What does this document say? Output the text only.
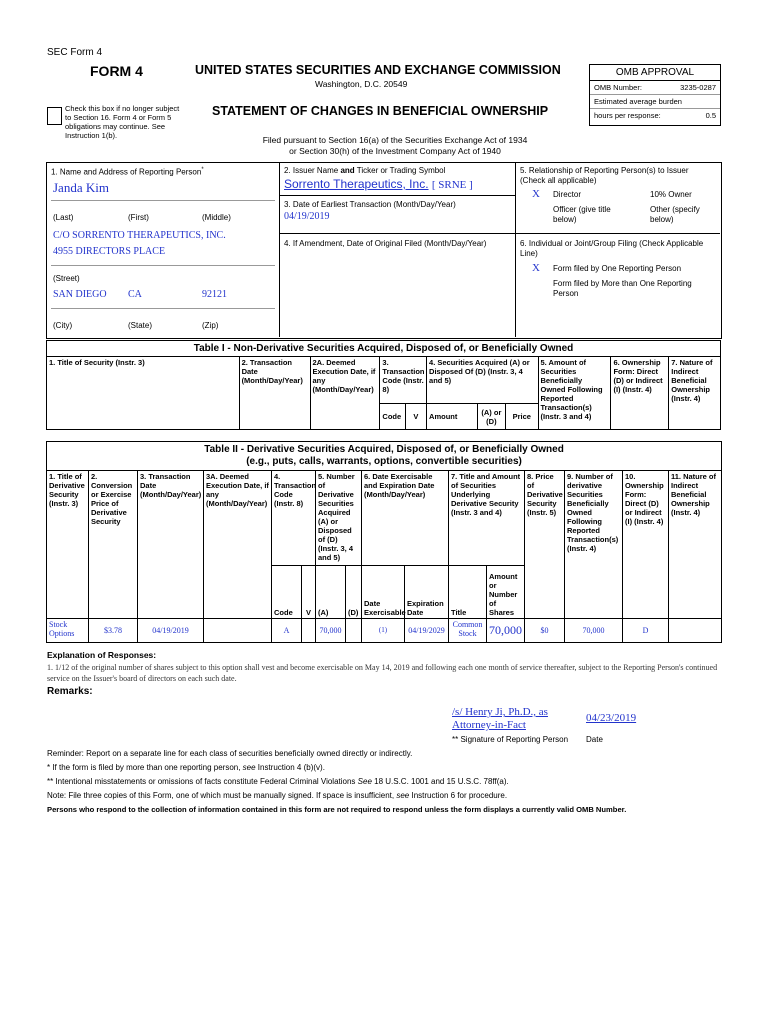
SEC Form 4
FORM 4	UNITED STATES SECURITIES AND EXCHANGE COMMISSION
Washington, D.C. 20549
Check this box if no longer subject to Section 16. Form 4 or Form 5 obligations may continue. See Instruction 1(b).
STATEMENT OF CHANGES IN BENEFICIAL OWNERSHIP
Filed pursuant to Section 16(a) of the Securities Exchange Act of 1934
or Section 30(h) of the Investment Company Act of 1940
OMB APPROVAL
OMB Number:	3235-0287
Estimated average burden
hours per response:	0.5
1. Name and Address of Reporting Person*
Janda Kim
(Last)	(First)	(Middle)
C/O SORRENTO THERAPEUTICS, INC.
4955 DIRECTORS PLACE
(Street)
SAN DIEGO CA	92121
(City)	(State)	(Zip)
2. Issuer Name and Ticker or Trading Symbol
Sorrento Therapeutics, Inc. [ SRNE ]
3. Date of Earliest Transaction (Month/Day/Year)
04/19/2019
4. If Amendment, Date of Original Filed (Month/Day/Year)
5. Relationship of Reporting Person(s) to Issuer (Check all applicable)
X Director	10% Owner
Officer (give title below)
Other (specify below)
6. Individual or Joint/Group Filing (Check Applicable Line)
X Form filed by One Reporting Person
Form filed by More than One Reporting Person
Table I - Non-Derivative Securities Acquired, Disposed of, or Beneficially Owned										
1. Title of Security (Instr. 3)	2. Transaction Date (Month/Day/Year)	2A. Deemed Execution Date, if any (Month/Day/Year)	3. Transaction Code (Instr. 8)		4. Securities Acquired (A) or Disposed Of (D) (Instr. 3, 4 and 5)			5. Amount of Securities Beneficially Owned Following Reported Transaction(s) (Instr. 3 and 4)	6. Ownership Form: Direct (D) or Indirect (I) (Instr. 4)	7. Nature of Indirect Beneficial Ownership (Instr. 4)
			Code	V	Amount	(A) or (D)	Price			
Table II - Derivative Securities Acquired, Disposed of, or Beneficially Owned
(e.g., puts, calls, warrants, options, convertible securities)															

1. Title of Derivative Security (Instr. 3)	2. Conversion or Exercise Price of Derivative Security	3. Transaction Date (Month/Day/Year)	3A. Deemed Execution Date, if any (Month/Day/Year)	4. Transaction Code (Instr. 8)		5. Number of Derivative Securities Acquired (A) or Disposed of (D) (Instr. 3, 4 and 5)		6. Date Exercisable and Expiration Date (Month/Day/Year)		7. Title and Amount of Securities Underlying Derivative Security (Instr. 3 and 4)		8. Price of Derivative Security (Instr. 5)	9. Number of derivative Securities Beneficially Owned Following Reported Transaction(s) (Instr. 4)	10. Ownership Form: Direct (D) or Indirect (I) (Instr. 4)	11. Nature of Indirect Beneficial Ownership (Instr. 4)
				Code	V	(A)	(D)	Date Exercisable	Expiration Date	Title	Amount or Number of Shares				
Stock Options	$3.78	04/19/2019		A		70,000		(1)	04/19/2029	Common Stock	70,000	$0	70,000	D	
Explanation of Responses:
1. 1/12 of the original number of shares subject to this option shall vest and become exercisable on May 14, 2019 and following each one month of service thereafter, subject to the Reporting Person's continued service on the Issuer's board of directors on each such date.
Remarks:
/s/ Henry Ji, Ph.D., as
Attorney-in-Fact
04/23/2019
** Signature of Reporting Person Date
Reminder: Report on a separate line for each class of securities beneficially owned directly or indirectly.
* If the form is filed by more than one reporting person, see Instruction 4 (b)(v).
** Intentional misstatements or omissions of facts constitute Federal Criminal Violations See 18 U.S.C. 1001 and 15 U.S.C. 78ff(a).
Note: File three copies of this Form, one of which must be manually signed. If space is insufficient, see Instruction 6 for procedure.
Persons who respond to the collection of information contained in this form are not required to respond unless the form displays a currently valid OMB Number.
